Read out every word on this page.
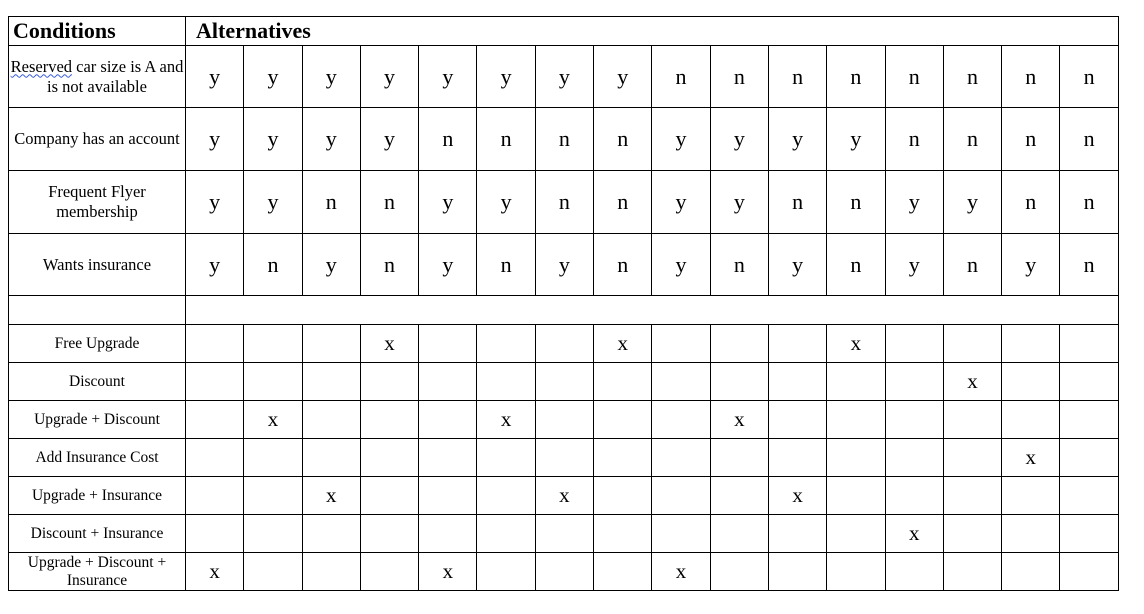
Conditions	Alternatives															
Reserved car size is A and is not available	y	y	y	y	y	y	y	y	n	n	n	n	n	n	n	n
Company has an account	y	y	y	y	n	n	n	n	y	y	y	y	n	n	n	n
Frequent Flyer membership	y	y	n	n	y	y	n	n	y	y	n	n	y	y	n	n
Wants insurance	y	n	y	n	y	n	y	n	y	n	y	n	y	n	y	n

Free Upgrade				x				x				x				
Discount														x		
Upgrade + Discount		x				x				x						
Add Insurance Cost															x	
Upgrade + Insurance			x				x				x					
Discount + Insurance													x			
Upgrade + Discount + Insurance	x				x				x							
